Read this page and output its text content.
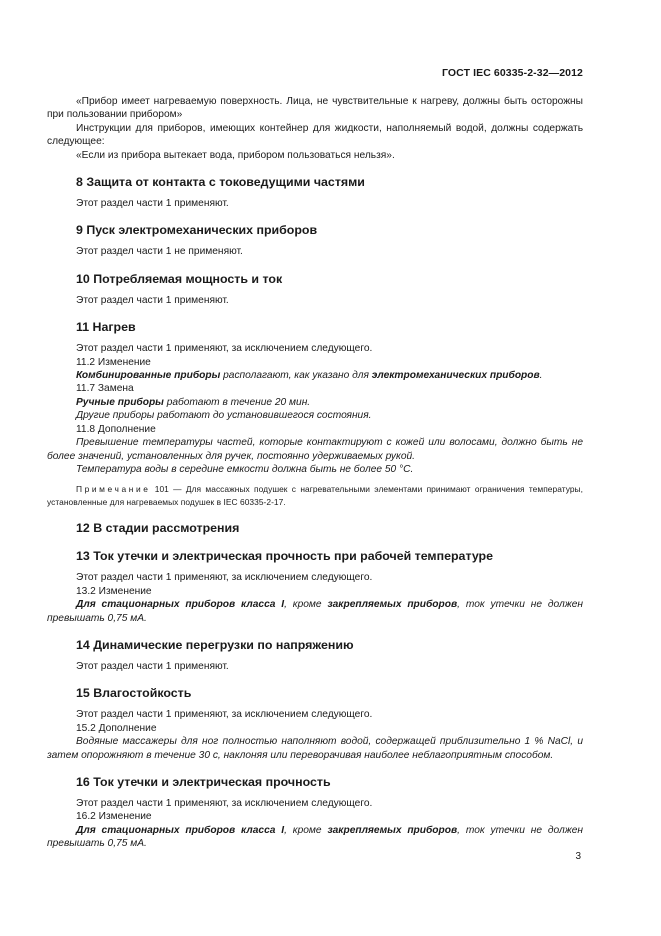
ГОСТ IEC 60335-2-32—2012

«Прибор имеет нагреваемую поверхность. Лица, не чувствительные к нагреву, должны быть осторожны при пользовании прибором»

Инструкции для приборов, имеющих контейнер для жидкости, наполняемый водой, должны содержать следующее:

«Если из прибора вытекает вода, прибором пользоваться нельзя».

8 Защита от контакта с токоведущими частями

Этот раздел части 1 применяют.

9 Пуск электромеханических приборов

Этот раздел части 1 не применяют.

10 Потребляемая мощность и ток

Этот раздел части 1 применяют.

11 Нагрев

Этот раздел части 1 применяют, за исключением следующего.

11.2 Изменение

Комбинированные приборы располагают, как указано для электромеханических приборов.

11.7 Замена

Ручные приборы работают в течение 20 мин.

Другие приборы работают до установившегося состояния.

11.8 Дополнение

Превышение температуры частей, которые контактируют с кожей или волосами, должно быть не более значений, установленных для ручек, постоянно удерживаемых рукой.

Температура воды в середине емкости должна быть не более 50 °С.

Примечание 101 — Для массажных подушек с нагревательными элементами принимают ограничения температуры, установленные для нагреваемых подушек в IEC 60335-2-17.

12 В стадии рассмотрения
13 Ток утечки и электрическая прочность при рабочей температуре

Этот раздел части 1 применяют, за исключением следующего.

13.2 Изменение

Для стационарных приборов класса I, кроме закрепляемых приборов, ток утечки не должен превышать 0,75 мА.

14 Динамические перегрузки по напряжению

Этот раздел части 1 применяют.

15 Влагостойкость

Этот раздел части 1 применяют, за исключением следующего.

15.2 Дополнение

Водяные массажеры для ног полностью наполняют водой, содержащей приблизительно 1 % NaCl, и затем опорожняют в течение 30 с, наклоняя или переворачивая наиболее неблагоприятным способом.

16 Ток утечки и электрическая прочность

Этот раздел части 1 применяют, за исключением следующего.

16.2 Изменение

Для стационарных приборов класса I, кроме закрепляемых приборов, ток утечки не должен превышать 0,75 мА.

3
